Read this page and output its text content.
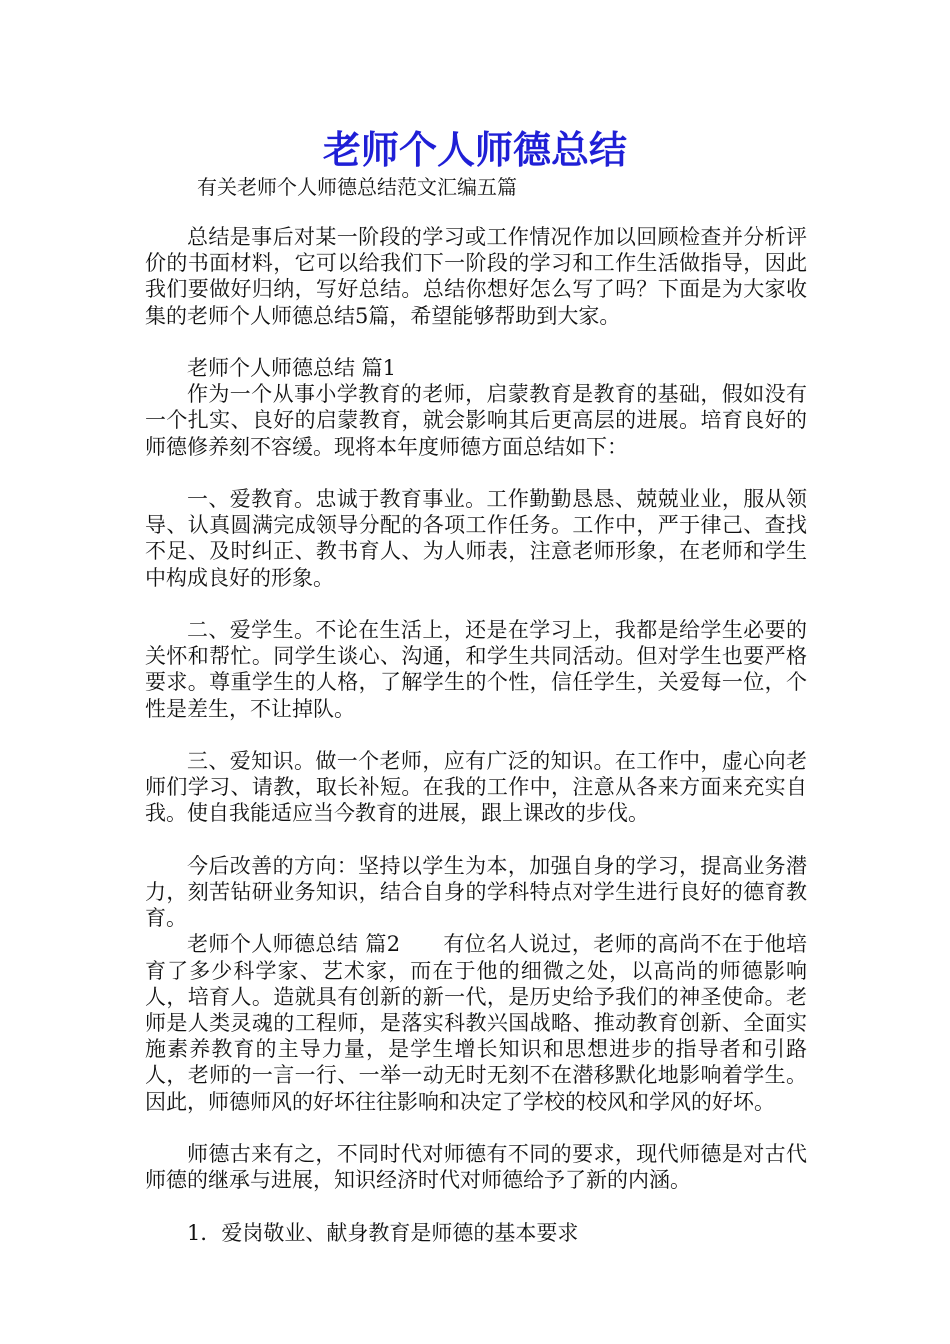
老师个人师德总结
有关老师个人师德总结范文汇编五篇

总结是事后对某一阶段的学习或工作情况作加以回顾检查并分析评价的书面材料，它可以给我们下一阶段的学习和工作生活做指导，因此我们要做好归纳，写好总结。总结你想好怎么写了吗？下面是为大家收集的老师个人师德总结5篇，希望能够帮助到大家。

老师个人师德总结 篇1

作为一个从事小学教育的老师，启蒙教育是教育的基础，假如没有一个扎实、良好的启蒙教育，就会影响其后更高层的进展。培育良好的师德修养刻不容缓。现将本年度师德方面总结如下：

一、爱教育。忠诚于教育事业。工作勤勤恳恳、兢兢业业，服从领导、认真圆满完成领导分配的各项工作任务。工作中，严于律己、查找不足、及时纠正、教书育人、为人师表，注意老师形象，在老师和学生中构成良好的形象。

二、爱学生。不论在生活上，还是在学习上，我都是给学生必要的关怀和帮忙。同学生谈心、沟通，和学生共同活动。但对学生也要严格要求。尊重学生的人格，了解学生的个性，信任学生，关爱每一位，个性是差生，不让掉队。

三、爱知识。做一个老师，应有广泛的知识。在工作中，虚心向老师们学习、请教，取长补短。在我的工作中，注意从各来方面来充实自我。使自我能适应当今教育的进展，跟上课改的步伐。

今后改善的方向：坚持以学生为本，加强自身的学习，提高业务潜力，刻苦钻研业务知识，结合自身的学科特点对学生进行良好的德育教育。

老师个人师德总结 篇2　　有位名人说过，老师的高尚不在于他培育了多少科学家、艺术家，而在于他的细微之处，以高尚的师德影响人，培育人。造就具有创新的新一代，是历史给予我们的神圣使命。老师是人类灵魂的工程师，是落实科教兴国战略、推动教育创新、全面实施素养教育的主导力量，是学生增长知识和思想进步的指导者和引路人，老师的一言一行、一举一动无时无刻不在潜移默化地影响着学生。因此，师德师风的好坏往往影响和决定了学校的校风和学风的好坏。

师德古来有之，不同时代对师德有不同的要求，现代师德是对古代师德的继承与进展，知识经济时代对师德给予了新的内涵。

1．爱岗敬业、献身教育是师德的基本要求
